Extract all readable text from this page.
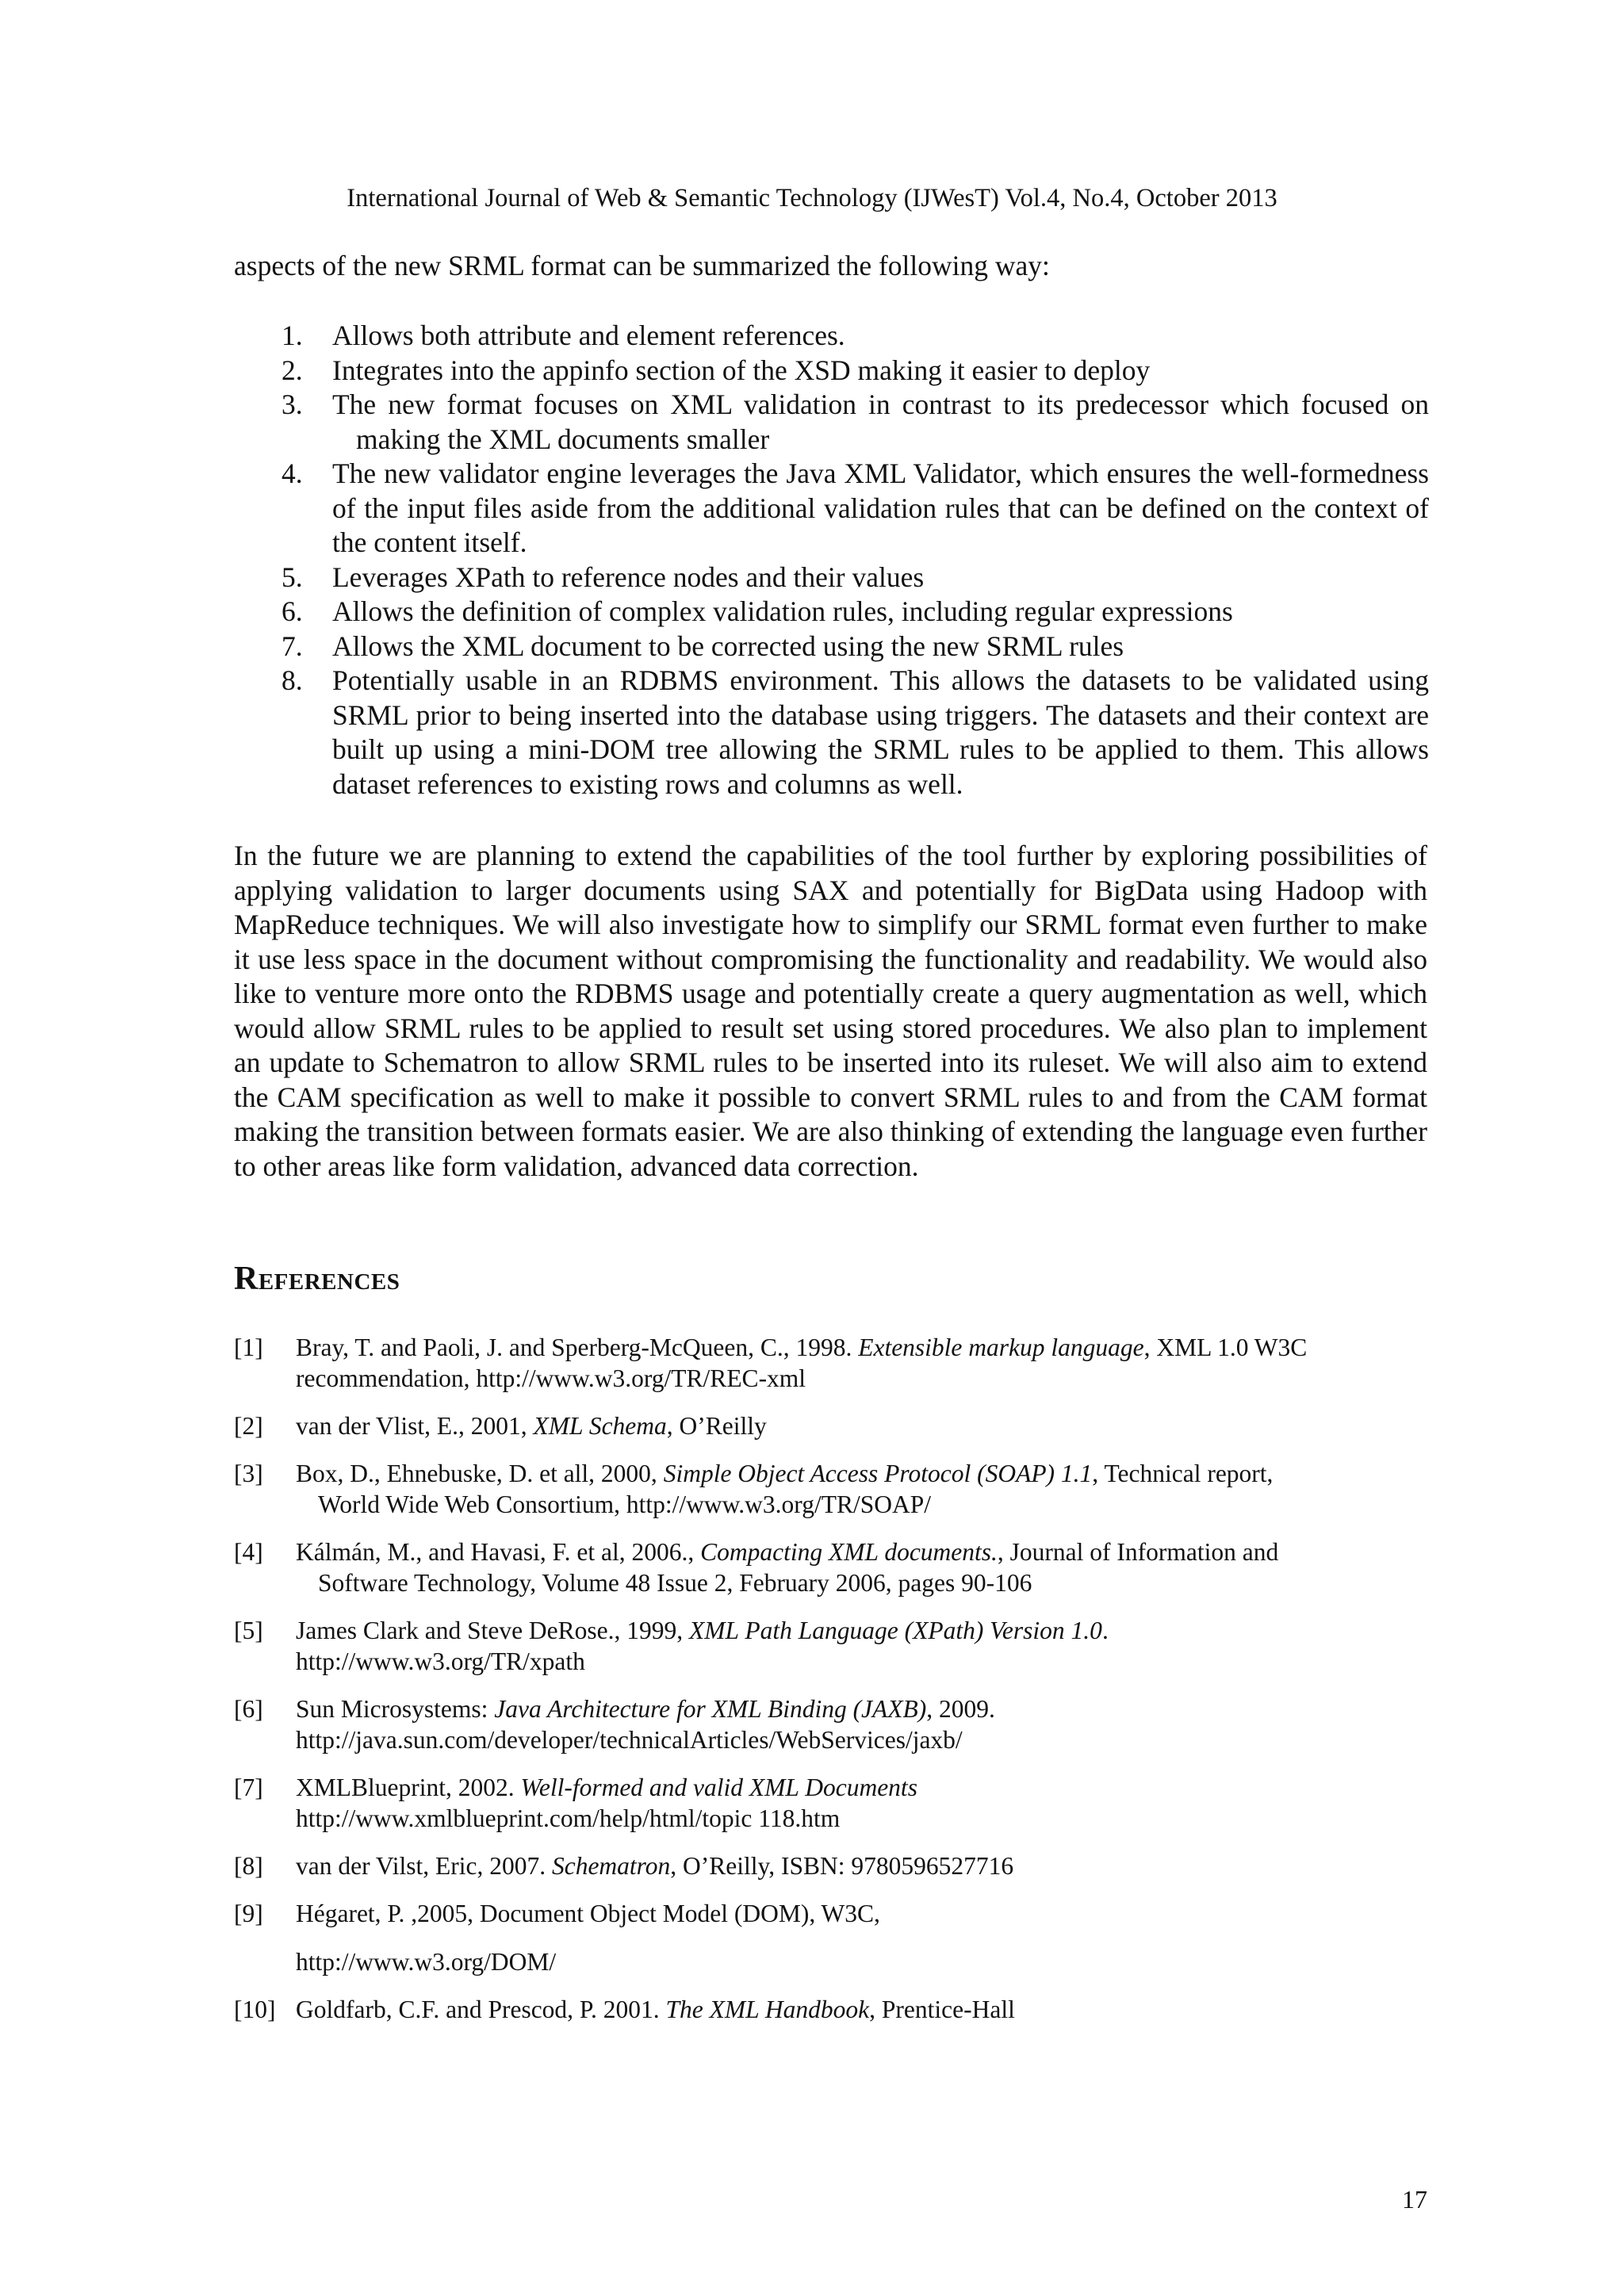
International Journal of Web & Semantic Technology (IJWesT) Vol.4, No.4, October 2013
aspects of the new SRML format can be summarized the following way:
1. Allows both attribute and element references.
2. Integrates into the appinfo section of the XSD making it easier to deploy
3. The new format focuses on XML validation in contrast to its predecessor which focused on making the XML documents smaller
4. The new validator engine leverages the Java XML Validator, which ensures the well-formedness of the input files aside from the additional validation rules that can be defined on the context of the content itself.
5. Leverages XPath to reference nodes and their values
6. Allows the definition of complex validation rules, including regular expressions
7. Allows the XML document to be corrected using the new SRML rules
8. Potentially usable in an RDBMS environment. This allows the datasets to be validated using SRML prior to being inserted into the database using triggers. The datasets and their context are built up using a mini-DOM tree allowing the SRML rules to be applied to them. This allows dataset references to existing rows and columns as well.
In the future we are planning to extend the capabilities of the tool further by exploring possibilities of applying validation to larger documents using SAX and potentially for BigData using Hadoop with MapReduce techniques. We will also investigate how to simplify our SRML format even further to make it use less space in the document without compromising the functionality and readability. We would also like to venture more onto the RDBMS usage and potentially create a query augmentation as well, which would allow SRML rules to be applied to result set using stored procedures. We also plan to implement an update to Schematron to allow SRML rules to be inserted into its ruleset. We will also aim to extend the CAM specification as well to make it possible to convert SRML rules to and from the CAM format making the transition between formats easier. We are also thinking of extending the language even further to other areas like form validation, advanced data correction.
References
[1] Bray, T. and Paoli, J. and Sperberg-McQueen, C., 1998. Extensible markup language, XML 1.0 W3C
recommendation, http://www.w3.org/TR/REC-xml
[2] van der Vlist, E., 2001, XML Schema, O’Reilly
[3] Box, D., Ehnebuske, D. et all, 2000, Simple Object Access Protocol (SOAP) 1.1, Technical report,
World Wide Web Consortium, http://www.w3.org/TR/SOAP/
[4] Kálmán, M., and Havasi, F. et al, 2006., Compacting XML documents., Journal of Information and
Software Technology, Volume 48 Issue 2, February 2006, pages 90-106
[5] James Clark and Steve DeRose., 1999, XML Path Language (XPath) Version 1.0.
http://www.w3.org/TR/xpath
[6] Sun Microsystems: Java Architecture for XML Binding (JAXB), 2009.
http://java.sun.com/developer/technicalArticles/WebServices/jaxb/
[7] XMLBlueprint, 2002. Well-formed and valid XML Documents
http://www.xmlblueprint.com/help/html/topic 118.htm
[8] van der Vilst, Eric, 2007. Schematron, O’Reilly, ISBN: 9780596527716
[9] Hégaret, P. ,2005, Document Object Model (DOM), W3C,
http://www.w3.org/DOM/
[10] Goldfarb, C.F. and Prescod, P. 2001. The XML Handbook, Prentice-Hall
17
